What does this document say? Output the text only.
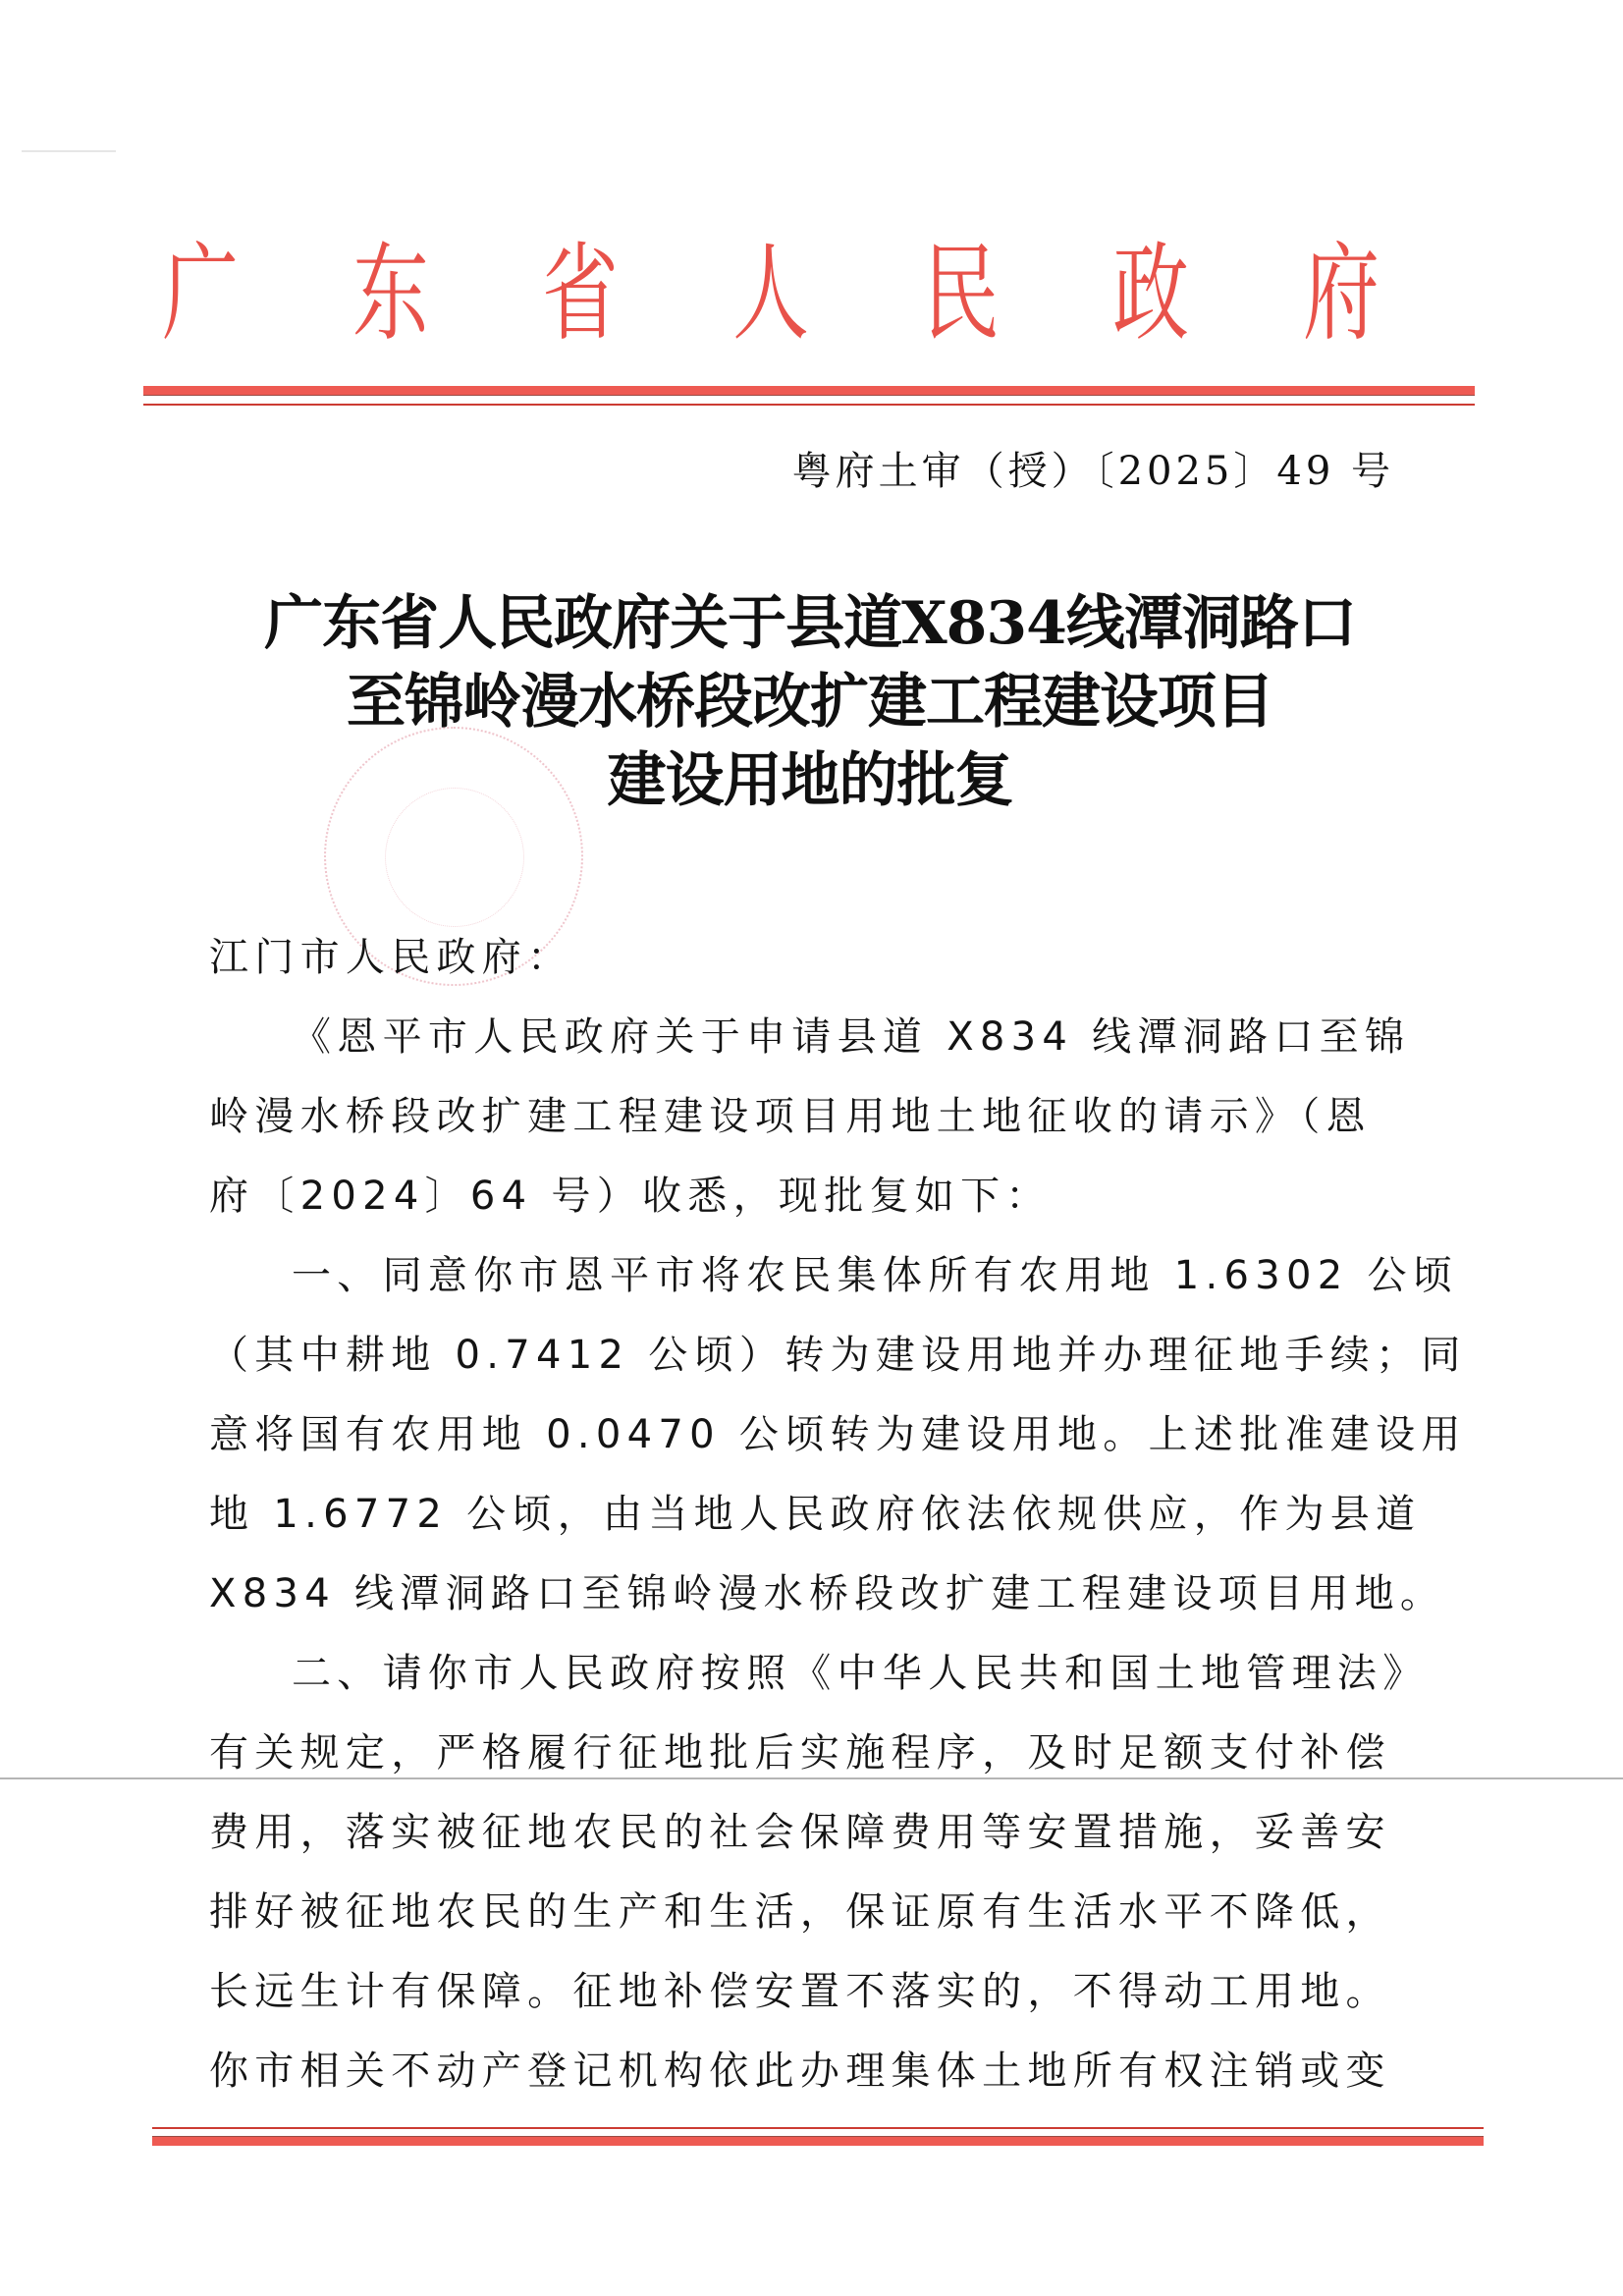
广 东 省 人 民 政 府
粤府土审（授）〔2025〕49 号
广东省人民政府关于县道X834线潭洞路口
至锦岭漫水桥段改扩建工程建设项目
建设用地的批复
江门市人民政府：
《恩平市人民政府关于申请县道 X834 线潭洞路口至锦
岭漫水桥段改扩建工程建设项目用地土地征收的请示》（恩
府〔2024〕64 号）收悉，现批复如下：
一、同意你市恩平市将农民集体所有农用地 1.6302 公顷
（其中耕地 0.7412 公顷）转为建设用地并办理征地手续；同
意将国有农用地 0.0470 公顷转为建设用地。上述批准建设用
地 1.6772 公顷，由当地人民政府依法依规供应，作为县道
X834 线潭洞路口至锦岭漫水桥段改扩建工程建设项目用地。
二、请你市人民政府按照《中华人民共和国土地管理法》
有关规定，严格履行征地批后实施程序，及时足额支付补偿
费用，落实被征地农民的社会保障费用等安置措施，妥善安
排好被征地农民的生产和生活，保证原有生活水平不降低，
长远生计有保障。征地补偿安置不落实的，不得动工用地。
你市相关不动产登记机构依此办理集体土地所有权注销或变
